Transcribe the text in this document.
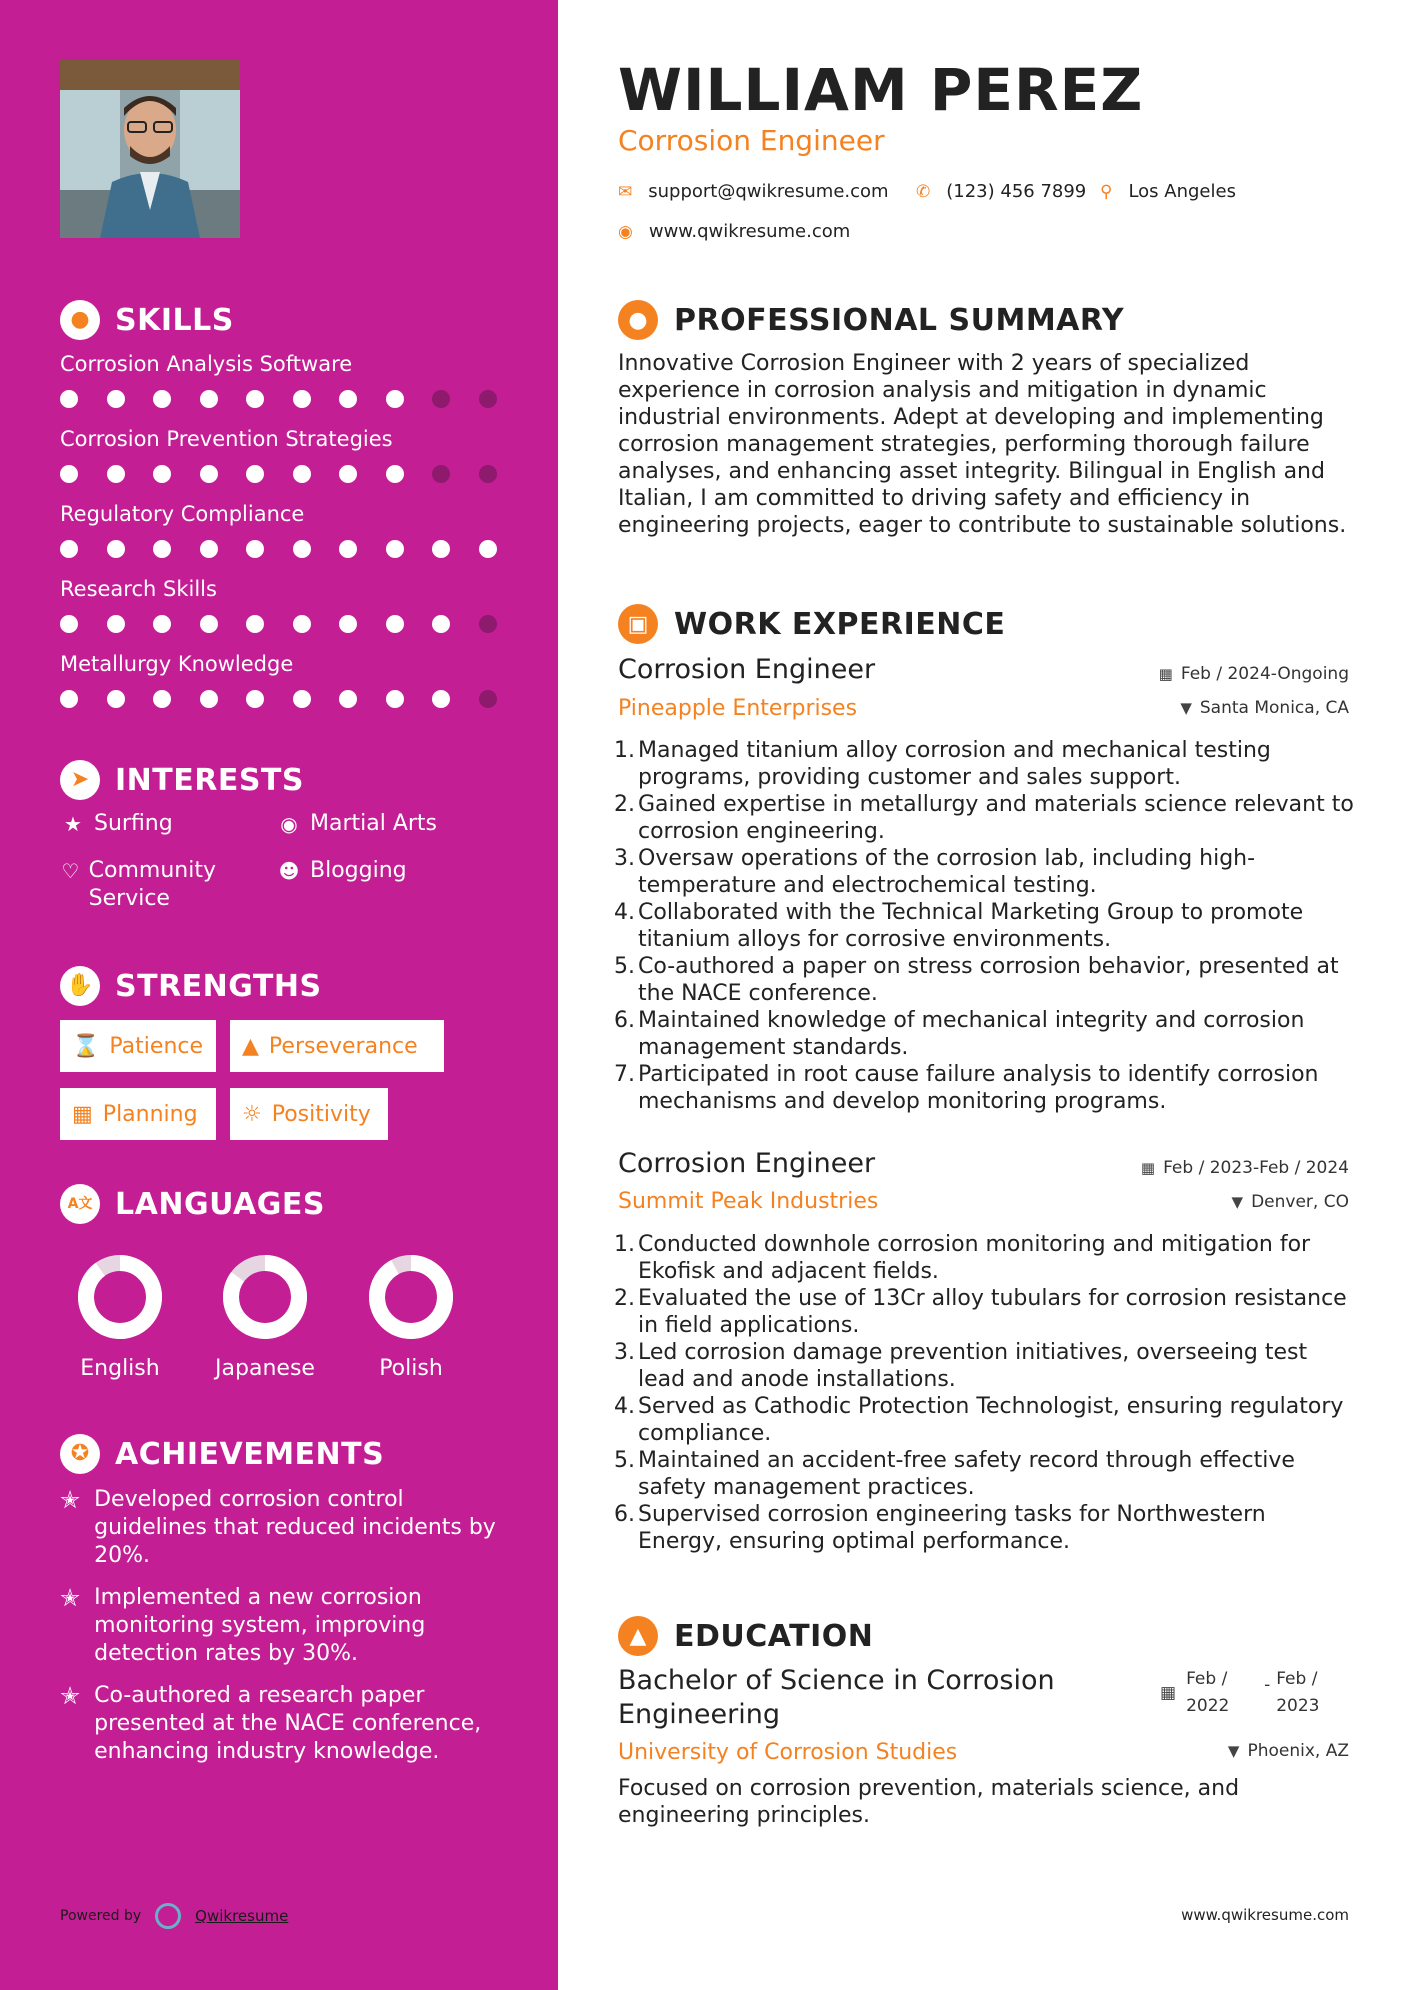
● SKILLS
Corrosion Analysis Software
Corrosion Prevention Strategies
Regulatory Compliance
Research Skills
Metallurgy Knowledge
➤ INTERESTS
★ Surfing	◉ Martial Arts
♡ Community Service
☻ Blogging
✋ STRENGTHS
⌛ Patience ▲ Perseverance
▦ Planning ☼ Positivity
A文 LANGUAGES
English	Japanese	Polish
✪ ACHIEVEMENTS
✭ Developed corrosion control guidelines that reduced incidents by 20%.
✭ Implemented a new corrosion monitoring system, improving detection rates by 30%.
✭ Co-authored a research paper presented at the NACE conference, enhancing industry knowledge.
Powered by	Qwikresume
WILLIAM PEREZ
Corrosion Engineer
✉ support@qwikresume.com ✆ (123) 456 7899 ⚲ Los Angeles
◉ www.qwikresume.com
● PROFESSIONAL SUMMARY
Innovative Corrosion Engineer with 2 years of specialized experience in corrosion analysis and mitigation in dynamic industrial environments. Adept at developing and implementing corrosion management strategies, performing thorough failure analyses, and enhancing asset integrity. Bilingual in English and Italian, I am committed to driving safety and efficiency in engineering projects, eager to contribute to sustainable solutions.
▣ WORK EXPERIENCE
Corrosion Engineer
Pineapple Enterprises
▦ Feb / 2024-Ongoing
▼ Santa Monica, CA
1. Managed titanium alloy corrosion and mechanical testing programs, providing customer and sales support.
2. Gained expertise in metallurgy and materials science relevant to corrosion engineering.
3. Oversaw operations of the corrosion lab, including high-temperature and electrochemical testing.
4. Collaborated with the Technical Marketing Group to promote titanium alloys for corrosive environments.
5. Co-authored a paper on stress corrosion behavior, presented at the NACE conference.
6. Maintained knowledge of mechanical integrity and corrosion management standards.
7. Participated in root cause failure analysis to identify corrosion mechanisms and develop monitoring programs.
Corrosion Engineer
Summit Peak Industries
▦ Feb / 2023-Feb / 2024
▼ Denver, CO
1. Conducted downhole corrosion monitoring and mitigation for Ekofisk and adjacent fields.
2. Evaluated the use of 13Cr alloy tubulars for corrosion resistance in field applications.
3. Led corrosion damage prevention initiatives, overseeing test lead and anode installations.
4. Served as Cathodic Protection Technologist, ensuring regulatory compliance.
5. Maintained an accident-free safety record through effective safety management practices.
6. Supervised corrosion engineering tasks for Northwestern Energy, ensuring optimal performance.
▲ EDUCATION
Bachelor of Science in Corrosion Engineering
University of Corrosion Studies
▦
Feb / 2022
- Feb / 2023
▼ Phoenix, AZ
Focused on corrosion prevention, materials science, and engineering principles.
www.qwikresume.com
